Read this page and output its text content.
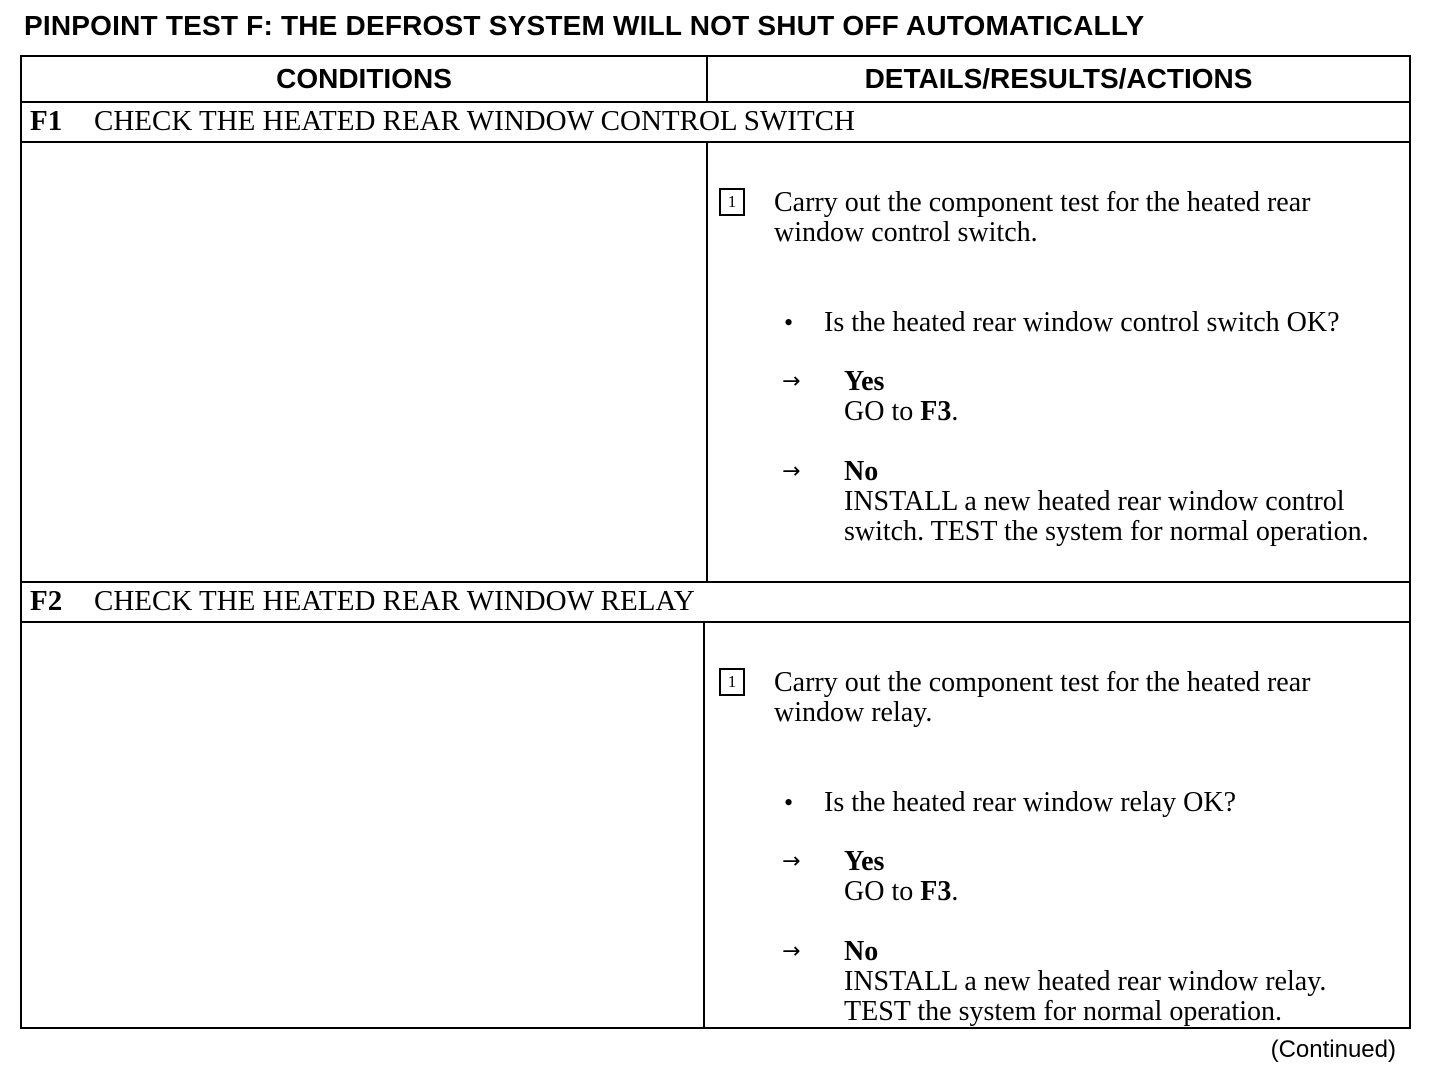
PINPOINT TEST F: THE DEFROST SYSTEM WILL NOT SHUT OFF AUTOMATICALLY
CONDITIONS	DETAILS/RESULTS/ACTIONS
F1 CHECK THE HEATED REAR WINDOW CONTROL SWITCH
1	Carry out the component test for the heated rear window control switch.
• Is the heated rear window control switch OK?
→ Yes
GO to F3.
→ No
INSTALL a new heated rear window control switch. TEST the system for normal operation.
F2 CHECK THE HEATED REAR WINDOW RELAY
1	Carry out the component test for the heated rear window relay.
• Is the heated rear window relay OK?
→ Yes
GO to F3.
→ No
INSTALL a new heated rear window relay. TEST the system for normal operation.
(Continued)
